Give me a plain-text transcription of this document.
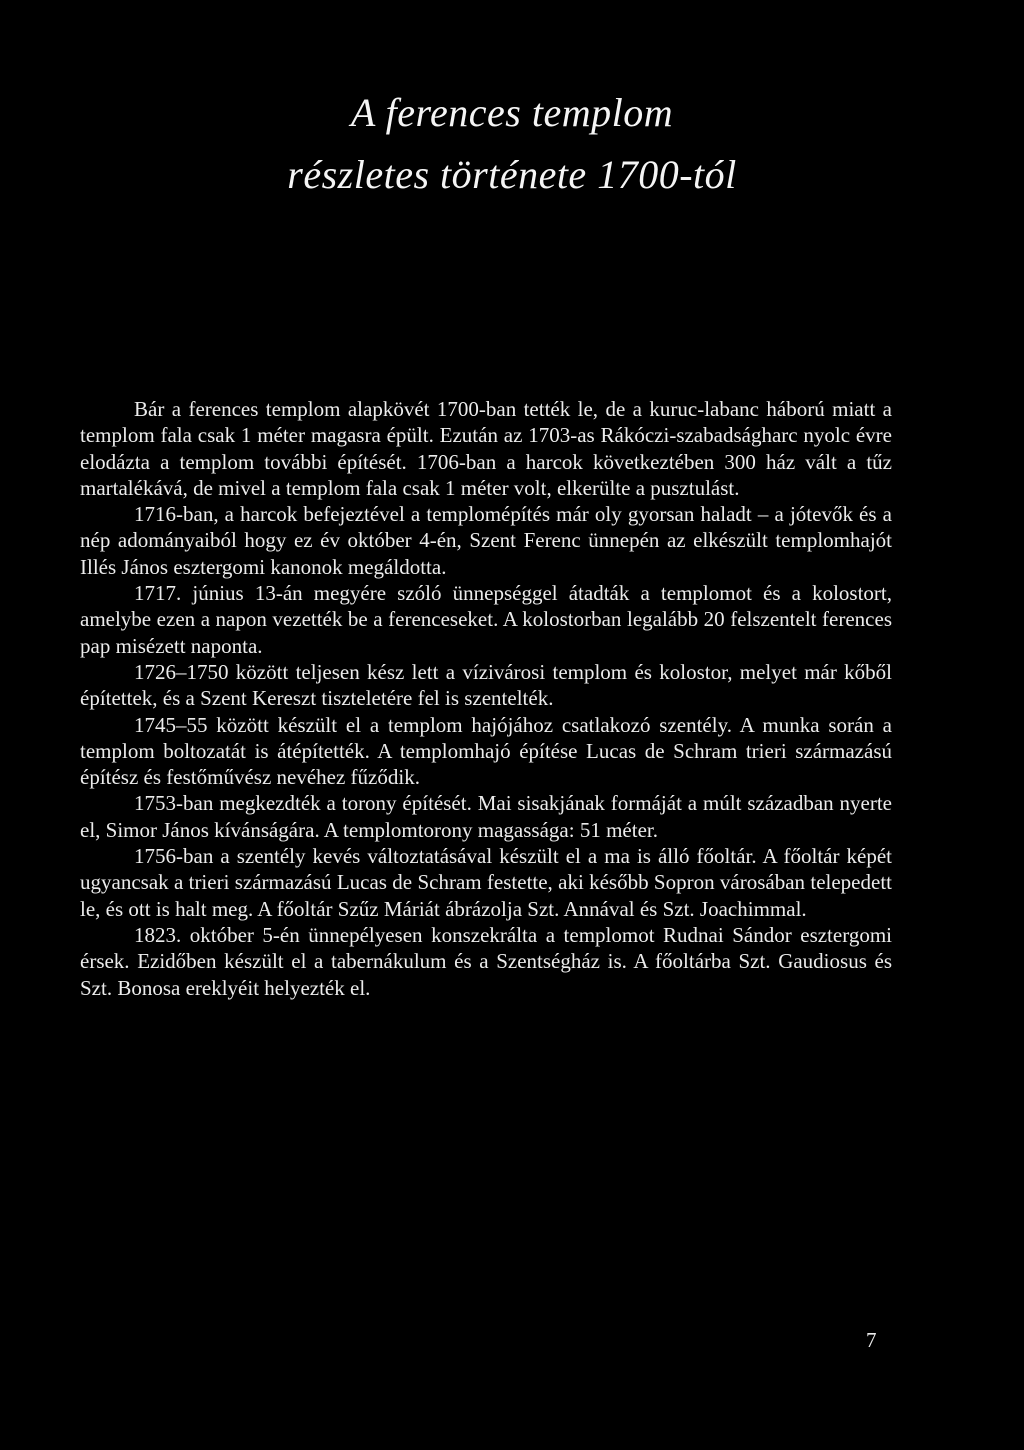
A ferences templom
részletes története 1700-tól

Bár a ferences templom alapkövét 1700-ban tették le, de a kuruc-labanc háború miatt a templom fala csak 1 méter magasra épült. Ezután az 1703-as Rákóczi-szabadságharc nyolc évre elodázta a templom további építését. 1706-ban a harcok következtében 300 ház vált a tűz martalékává, de mivel a templom fala csak 1 méter volt, elkerülte a pusztulást.

1716-ban, a harcok befejeztével a templomépítés már oly gyorsan haladt – a jótevők és a nép adományaiból hogy ez év október 4-én, Szent Ferenc ünnepén az elkészült templomhajót Illés János esztergomi kanonok megáldotta.

1717. június 13-án megyére szóló ünnepséggel átadták a templomot és a kolostort, amelybe ezen a napon vezették be a ferenceseket. A kolostorban legalább 20 felszentelt ferences pap misézett naponta.

1726–1750 között teljesen kész lett a vízivárosi templom és kolostor, melyet már kőből építettek, és a Szent Kereszt tiszteletére fel is szentelték.

1745–55 között készült el a templom hajójához csatlakozó szentély. A munka során a templom boltozatát is átépítették. A templomhajó építése Lucas de Schram trieri származású építész és festőművész nevéhez fűződik.

1753-ban megkezdték a torony építését. Mai sisakjának formáját a múlt században nyerte el, Simor János kívánságára. A templomtorony magassága: 51 méter.

1756-ban a szentély kevés változtatásával készült el a ma is álló főoltár. A főoltár képét ugyancsak a trieri származású Lucas de Schram festette, aki később Sopron városában telepedett le, és ott is halt meg. A főoltár Szűz Máriát ábrázolja Szt. Annával és Szt. Joachimmal.

1823. október 5-én ünnepélyesen konszekrálta a templomot Rudnai Sándor esztergomi érsek. Ezidőben készült el a tabernákulum és a Szentségház is. A főoltárba Szt. Gaudiosus és Szt. Bonosa ereklyéit helyezték el.

7
